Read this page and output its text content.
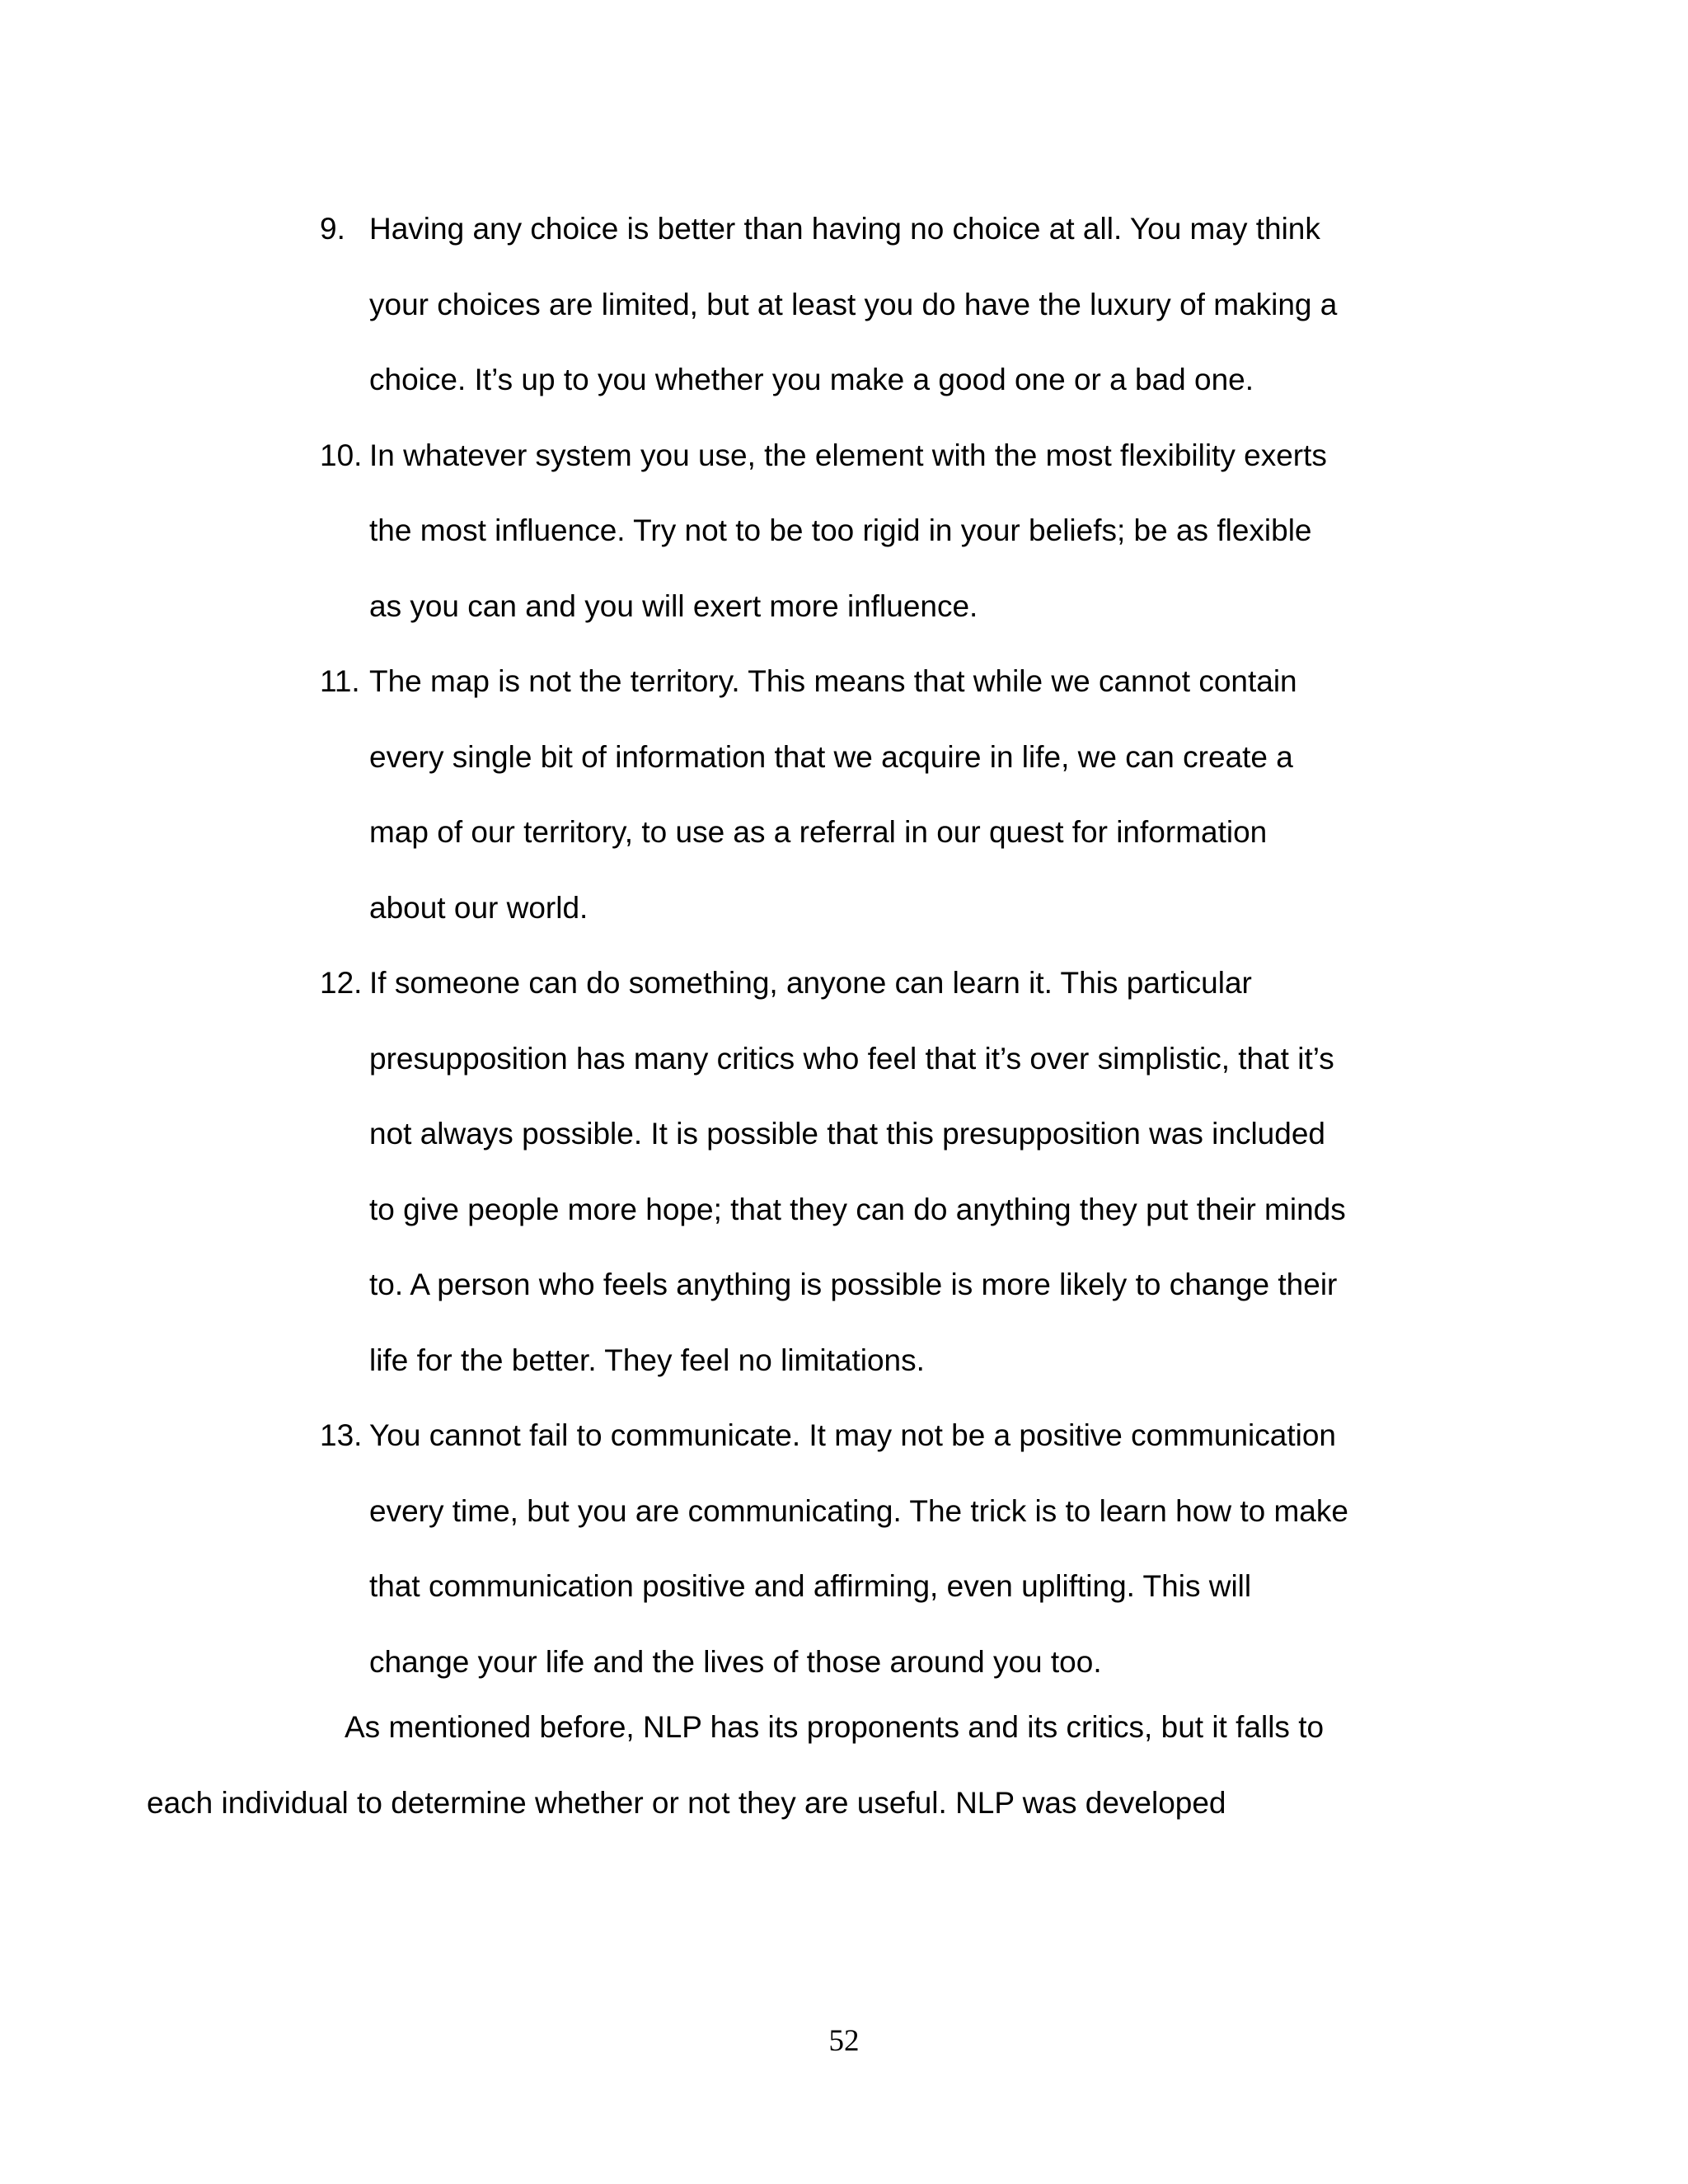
9. Having any choice is better than having no choice at all. You may think
your choices are limited, but at least you do have the luxury of making a
choice. It’s up to you whether you make a good one or a bad one.
10. In whatever system you use, the element with the most flexibility exerts
the most influence. Try not to be too rigid in your beliefs; be as flexible
as you can and you will exert more influence.
11. The map is not the territory. This means that while we cannot contain
every single bit of information that we acquire in life, we can create a
map of our territory, to use as a referral in our quest for information
about our world.
12. If someone can do something, anyone can learn it. This particular
presupposition has many critics who feel that it’s over simplistic, that it’s
not always possible. It is possible that this presupposition was included
to give people more hope; that they can do anything they put their minds
to. A person who feels anything is possible is more likely to change their
life for the better. They feel no limitations.
13. You cannot fail to communicate. It may not be a positive communication
every time, but you are communicating. The trick is to learn how to make
that communication positive and affirming, even uplifting. This will
change your life and the lives of those around you too.

As mentioned before, NLP has its proponents and its critics, but it falls to
each individual to determine whether or not they are useful. NLP was developed

52
